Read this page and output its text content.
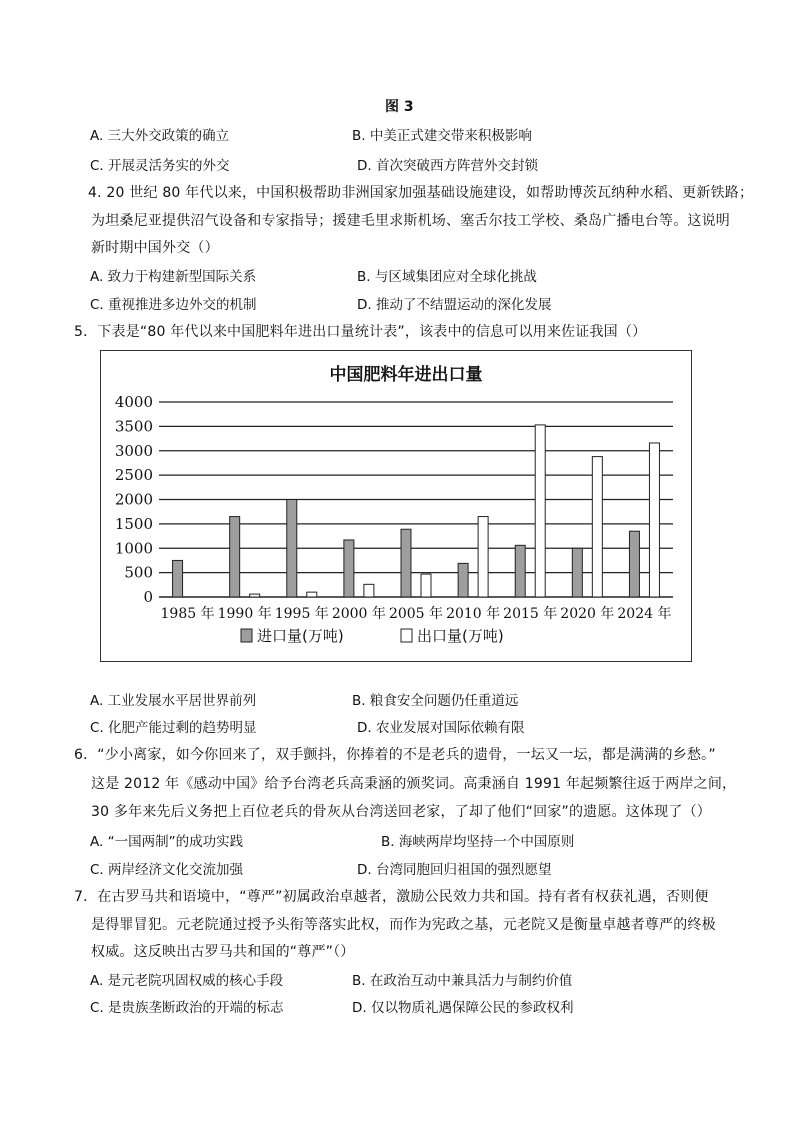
图 3
A. 三大外交政策的确立	B. 中美正式建交带来积极影响
C. 开展灵活务实的外交	D. 首次突破西方阵营外交封锁
4. 20 世纪 80 年代以来，中国积极帮助非洲国家加强基础设施建设，如帮助博茨瓦纳种水稻、更新铁路；
为坦桑尼亚提供沼气设备和专家指导；援建毛里求斯机场、塞舌尔技工学校、桑岛广播电台等。这说明
新时期中国外交（）
A. 致力于构建新型国际关系	B. 与区域集团应对全球化挑战
C. 重视推进多边外交的机制	D. 推动了不结盟运动的深化发展
5．下表是“80 年代以来中国肥料年进出口量统计表”，该表中的信息可以用来佐证我国（）
中国肥料年进出口量
0
500
1000
1500
2000
2500
3000
3500
4000
1985 年 1990 年 1995 年 2000 年 2005 年 2010 年 2015 年 2020 年 2024 年
进口量(万吨)	出口量(万吨)
A. 工业发展水平居世界前列	B. 粮食安全问题仍任重道远
C. 化肥产能过剩的趋势明显	D. 农业发展对国际依赖有限
6．“少小离家，如今你回来了，双手颤抖，你捧着的不是老兵的遗骨，一坛又一坛，都是满满的乡愁。”
这是 2012 年《感动中国》给予台湾老兵高秉涵的颁奖词。高秉涵自 1991 年起频繁往返于两岸之间，
30 多年来先后义务把上百位老兵的骨灰从台湾送回老家，了却了他们“回家”的遗愿。这体现了（）
A. “一国两制”的成功实践	B. 海峡两岸均坚持一个中国原则
C. 两岸经济文化交流加强	D. 台湾同胞回归祖国的强烈愿望
7．在古罗马共和语境中，“尊严”初属政治卓越者，激励公民效力共和国。持有者有权获礼遇，否则便
是得罪冒犯。元老院通过授予头衔等落实此权，而作为宪政之基，元老院又是衡量卓越者尊严的终极
权威。这反映出古罗马共和国的“尊严”（）
A. 是元老院巩固权威的核心手段	B. 在政治互动中兼具活力与制约价值
C. 是贵族垄断政治的开端的标志	D. 仅以物质礼遇保障公民的参政权利
